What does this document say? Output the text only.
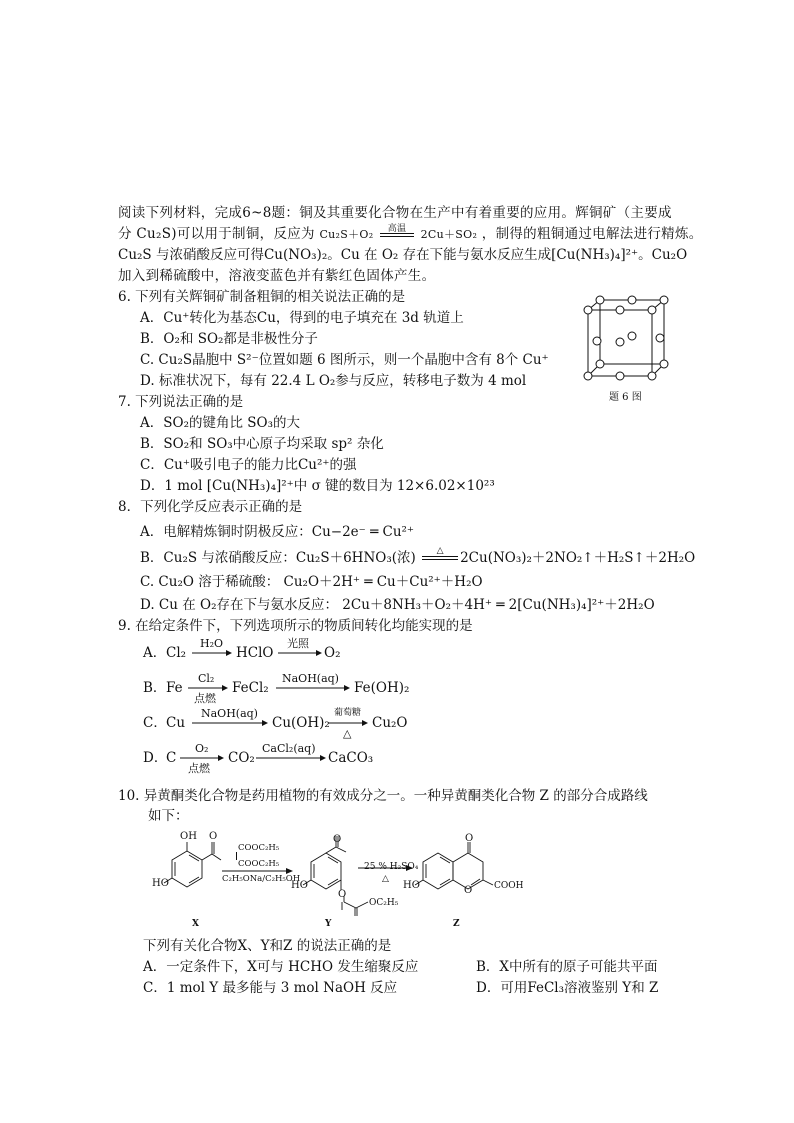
阅读下列材料，完成6~8题：铜及其重要化合物在生产中有着重要的应用。辉铜矿（主要成
分 Cu₂S)可以用于制铜，反应为 Cu₂S＋O₂	高温	2Cu＋SO₂ ，制得的粗铜通过电解法进行精炼。
Cu₂S 与浓硝酸反应可得Cu(NO₃)₂。Cu 在 O₂ 存在下能与氨水反应生成[Cu(NH₃)₄]²⁺。Cu₂O
加入到稀硫酸中，溶液变蓝色并有紫红色固体产生。
6. 下列有关辉铜矿制备粗铜的相关说法正确的是
A．Cu⁺转化为基态Cu，得到的电子填充在 3d 轨道上
B．O₂和 SO₂都是非极性分子
C. Cu₂S晶胞中 S²⁻位置如题 6 图所示，则一个晶胞中含有 8个 Cu⁺
D. 标准状况下，每有 22.4 L O₂参与反应，转移电子数为 4 mol
题 6 图
7. 下列说法正确的是
A．SO₂的键角比 SO₃的大
B．SO₂和 SO₃中心原子均采取 sp² 杂化
C．Cu⁺吸引电子的能力比Cu²⁺的强
D．1 mol [Cu(NH₃)₄]²⁺中 σ 键的数目为 12×6.02×10²³
8．下列化学反应表示正确的是
A．电解精炼铜时阴极反应：Cu−2e⁻ ═ Cu²⁺
B．Cu₂S 与浓硝酸反应：Cu₂S＋6HNO₃(浓)	△	2Cu(NO₃)₂＋2NO₂↑＋H₂S↑＋2H₂O
C. Cu₂O 溶于稀硫酸： Cu₂O＋2H⁺ ═ Cu＋Cu²⁺＋H₂O
D. Cu 在 O₂存在下与氨水反应： 2Cu＋8NH₃＋O₂＋4H⁺ ═ 2[Cu(NH₃)₄]²⁺＋2H₂O
9. 在给定条件下，下列选项所示的物质间转化均能实现的是
A． Cl₂
H₂O
HClO
光照
O₂
B． Fe
Cl₂
点燃
FeCl₂
NaOH(aq)
Fe(OH)₂
C． Cu
NaOH(aq)
Cu(OH)₂
葡萄糖
△
Cu₂O
D．
C
O₂
点燃
CO₂
CaCl₂(aq)
CaCO₃
10. 异黄酮类化合物是药用植物的有效成分之一。一种异黄酮类化合物 Z 的部分合成路线
如下：
OH O
HO
COOC₂H₅
COOC₂H₅
C₂H₅ONa/C₂H₅OH
O
HO
O
OC₂H₅
25 % H₂SO₄
△
O
HO	O COOH
X	Y	Z
下列有关化合物X、Y和Z 的说法正确的是
A．一定条件下，X可与 HCHO 发生缩聚反应	B．X中所有的原子可能共平面
C．1 mol Y 最多能与 3 mol NaOH 反应	D．可用FeCl₃溶液鉴别 Y和 Z
